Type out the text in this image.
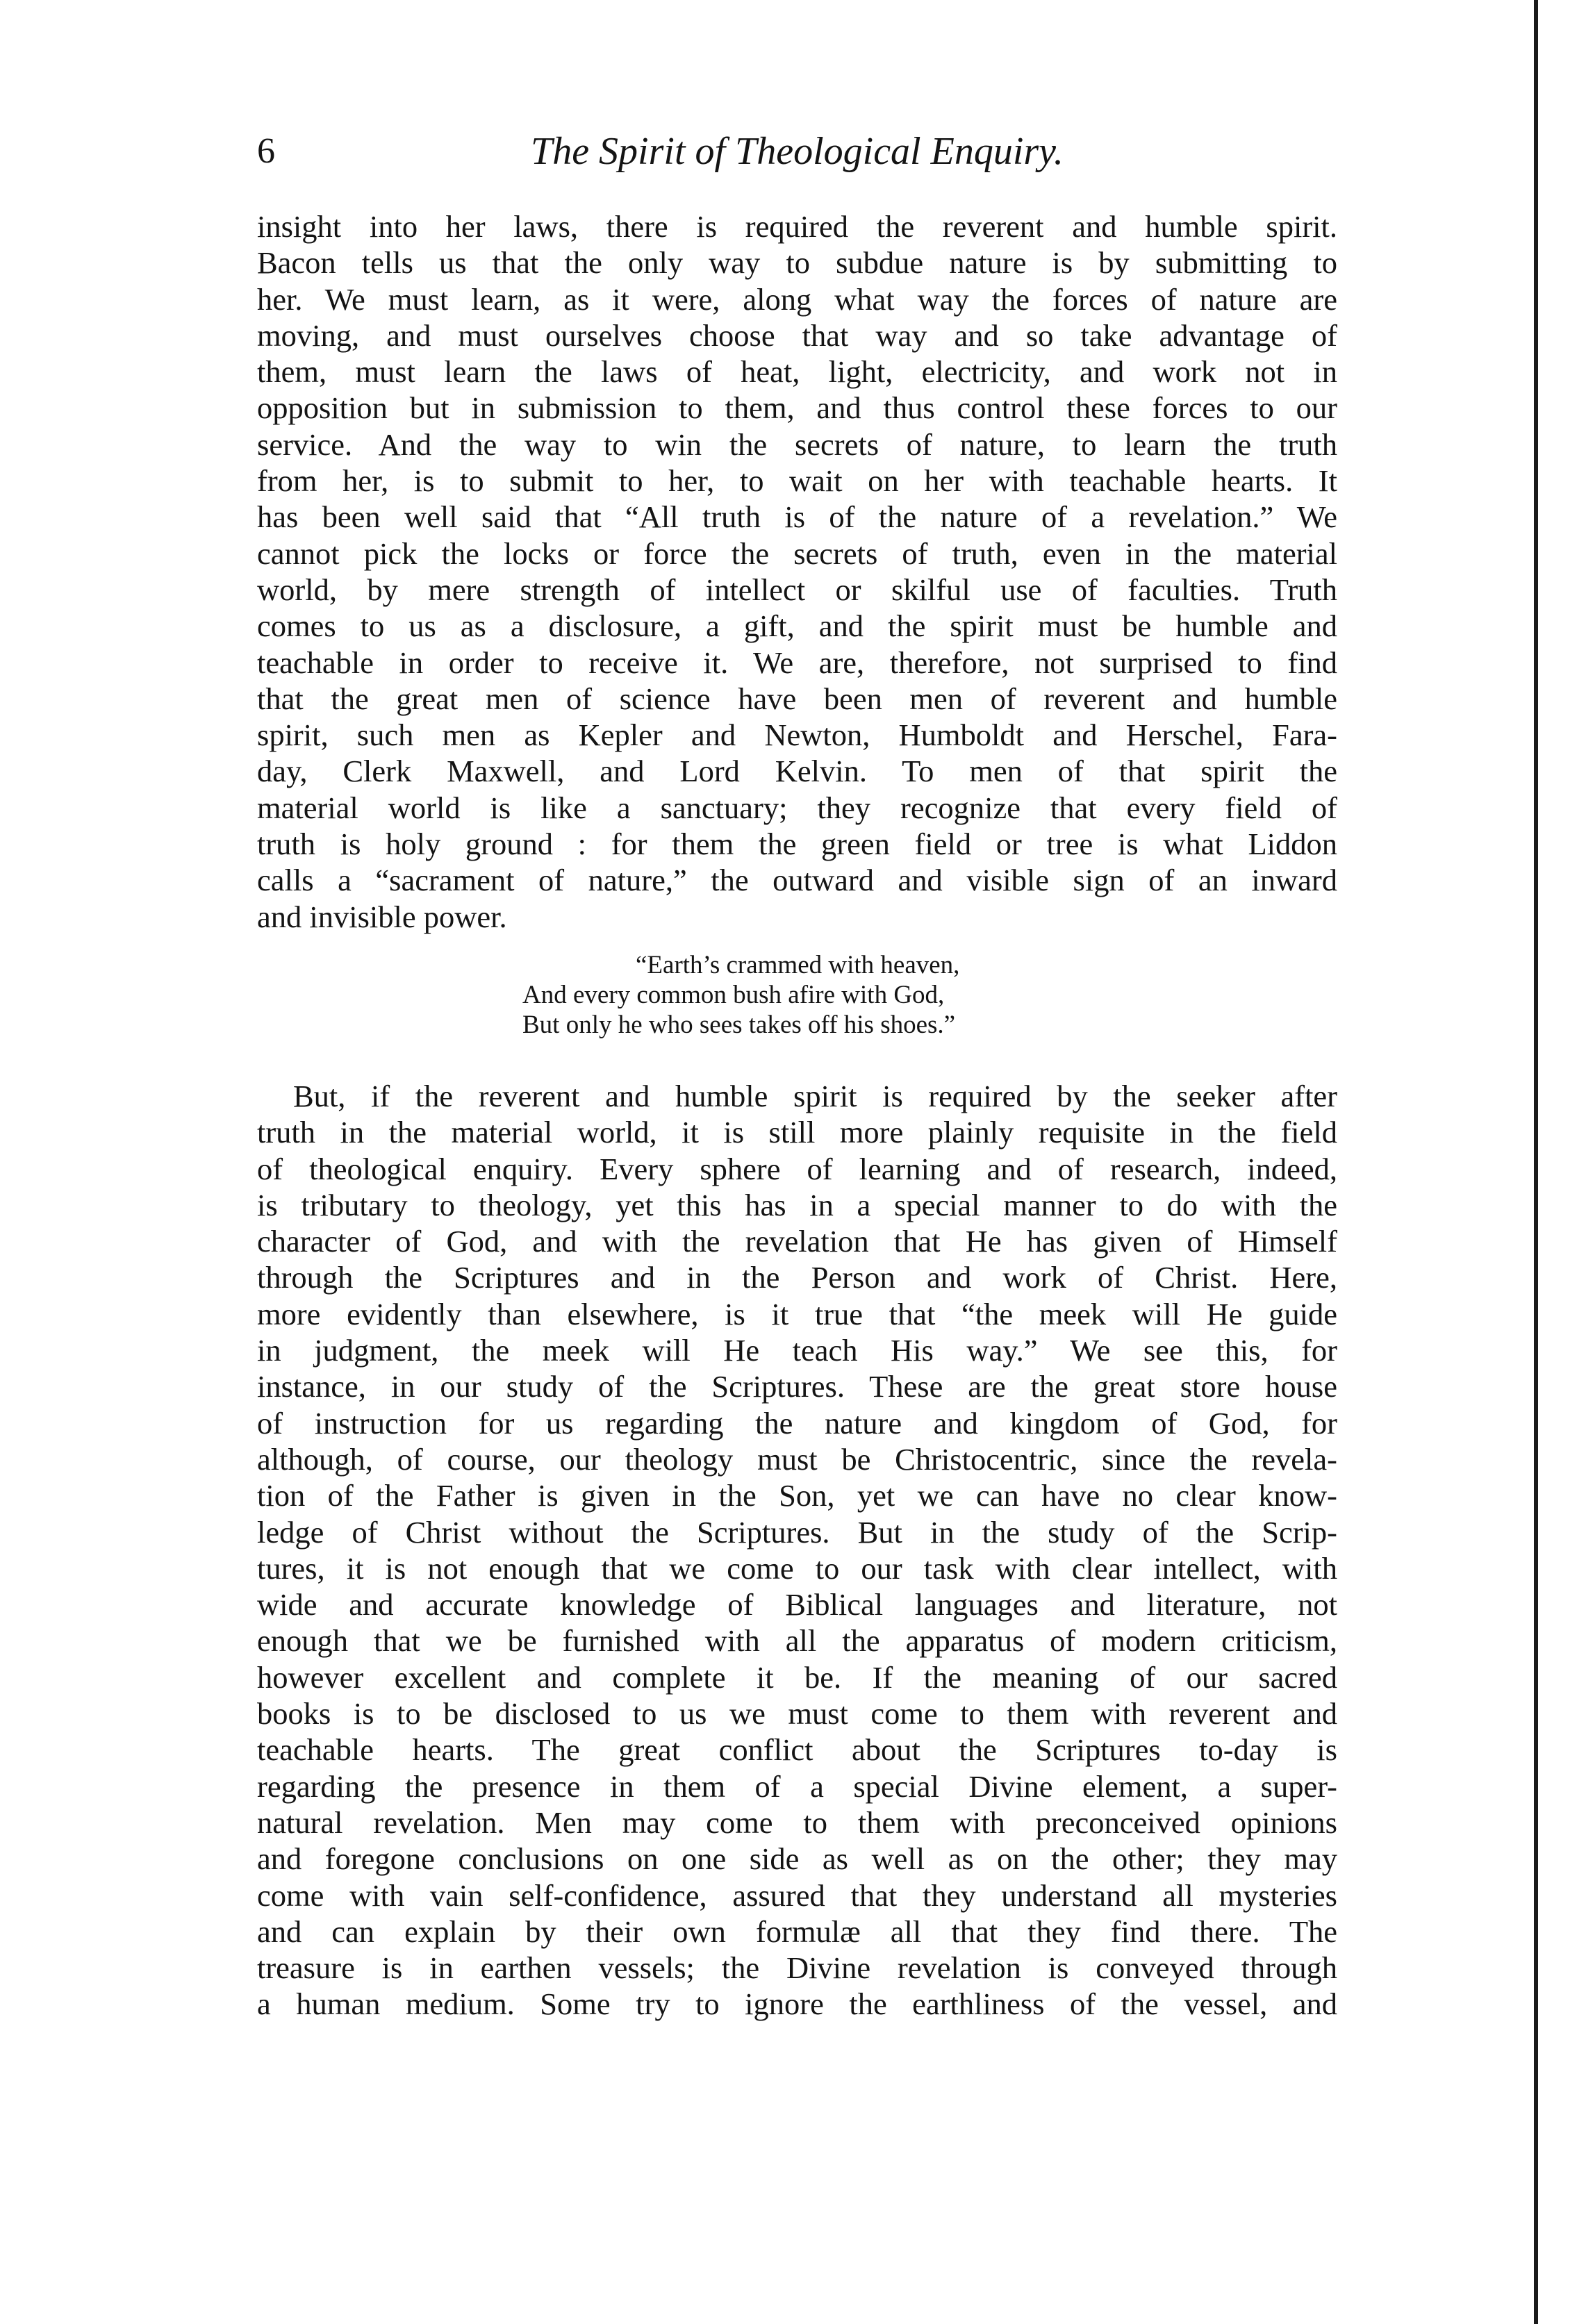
6	The Spirit of Theological Enquiry.
insight into her laws, there is required the reverent and humble spirit.
Bacon tells us that the only way to subdue nature is by submitting to
her. We must learn, as it were, along what way the forces of nature are
moving, and must ourselves choose that way and so take advantage of
them, must learn the laws of heat, light, electricity, and work not in
opposition but in submission to them, and thus control these forces to our
service. And the way to win the secrets of nature, to learn the truth
from her, is to submit to her, to wait on her with teachable hearts. It
has been well said that “All truth is of the nature of a revelation.” We
cannot pick the locks or force the secrets of truth, even in the material
world, by mere strength of intellect or skilful use of faculties. Truth
comes to us as a disclosure, a gift, and the spirit must be humble and
teachable in order to receive it. We are, therefore, not surprised to find
that the great men of science have been men of reverent and humble
spirit, such men as Kepler and Newton, Humboldt and Herschel, Fara-
day, Clerk Maxwell, and Lord Kelvin. To men of that spirit the
material world is like a sanctuary; they recognize that every field of
truth is holy ground : for them the green field or tree is what Liddon
calls a “sacrament of nature,” the outward and visible sign of an inward
and invisible power.
“Earth’s crammed with heaven,
And every common bush afire with God,
But only he who sees takes off his shoes.”
But, if the reverent and humble spirit is required by the seeker after
truth in the material world, it is still more plainly requisite in the field
of theological enquiry. Every sphere of learning and of research, indeed,
is tributary to theology, yet this has in a special manner to do with the
character of God, and with the revelation that He has given of Himself
through the Scriptures and in the Person and work of Christ. Here,
more evidently than elsewhere, is it true that “the meek will He guide
in judgment, the meek will He teach His way.” We see this, for
instance, in our study of the Scriptures. These are the great store house
of instruction for us regarding the nature and kingdom of God, for
although, of course, our theology must be Christocentric, since the revela-
tion of the Father is given in the Son, yet we can have no clear know-
ledge of Christ without the Scriptures. But in the study of the Scrip-
tures, it is not enough that we come to our task with clear intellect, with
wide and accurate knowledge of Biblical languages and literature, not
enough that we be furnished with all the apparatus of modern criticism,
however excellent and complete it be. If the meaning of our sacred
books is to be disclosed to us we must come to them with reverent and
teachable hearts. The great conflict about the Scriptures to-day is
regarding the presence in them of a special Divine element, a super-
natural revelation. Men may come to them with preconceived opinions
and foregone conclusions on one side as well as on the other; they may
come with vain self-confidence, assured that they understand all mysteries
and can explain by their own formulæ all that they find there. The
treasure is in earthen vessels; the Divine revelation is conveyed through
a human medium. Some try to ignore the earthliness of the vessel, and
